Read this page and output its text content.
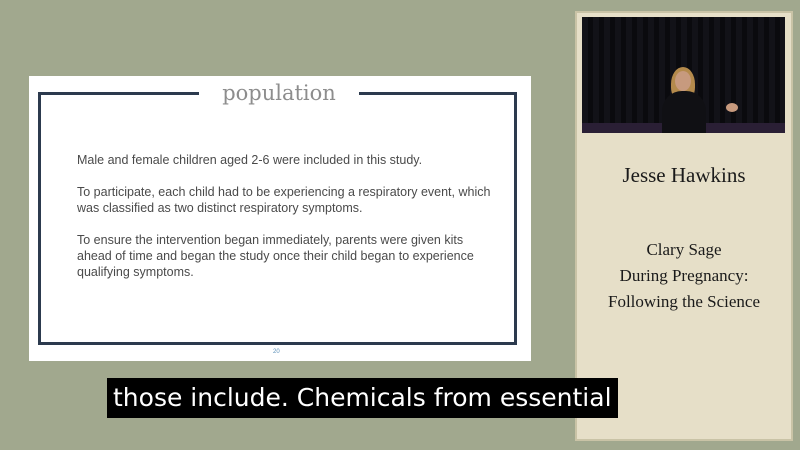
population

Male and female children aged 2-6 were included in this study.

To participate, each child had to be experiencing a respiratory event, which was classified as two distinct respiratory symptoms.

To ensure the intervention began immediately, parents were given kits ahead of time and began the study once their child began to experience qualifying symptoms.

20
Jesse Hawkins
Clary Sage
During Pregnancy:
Following the Science
those include. Chemicals from essential
